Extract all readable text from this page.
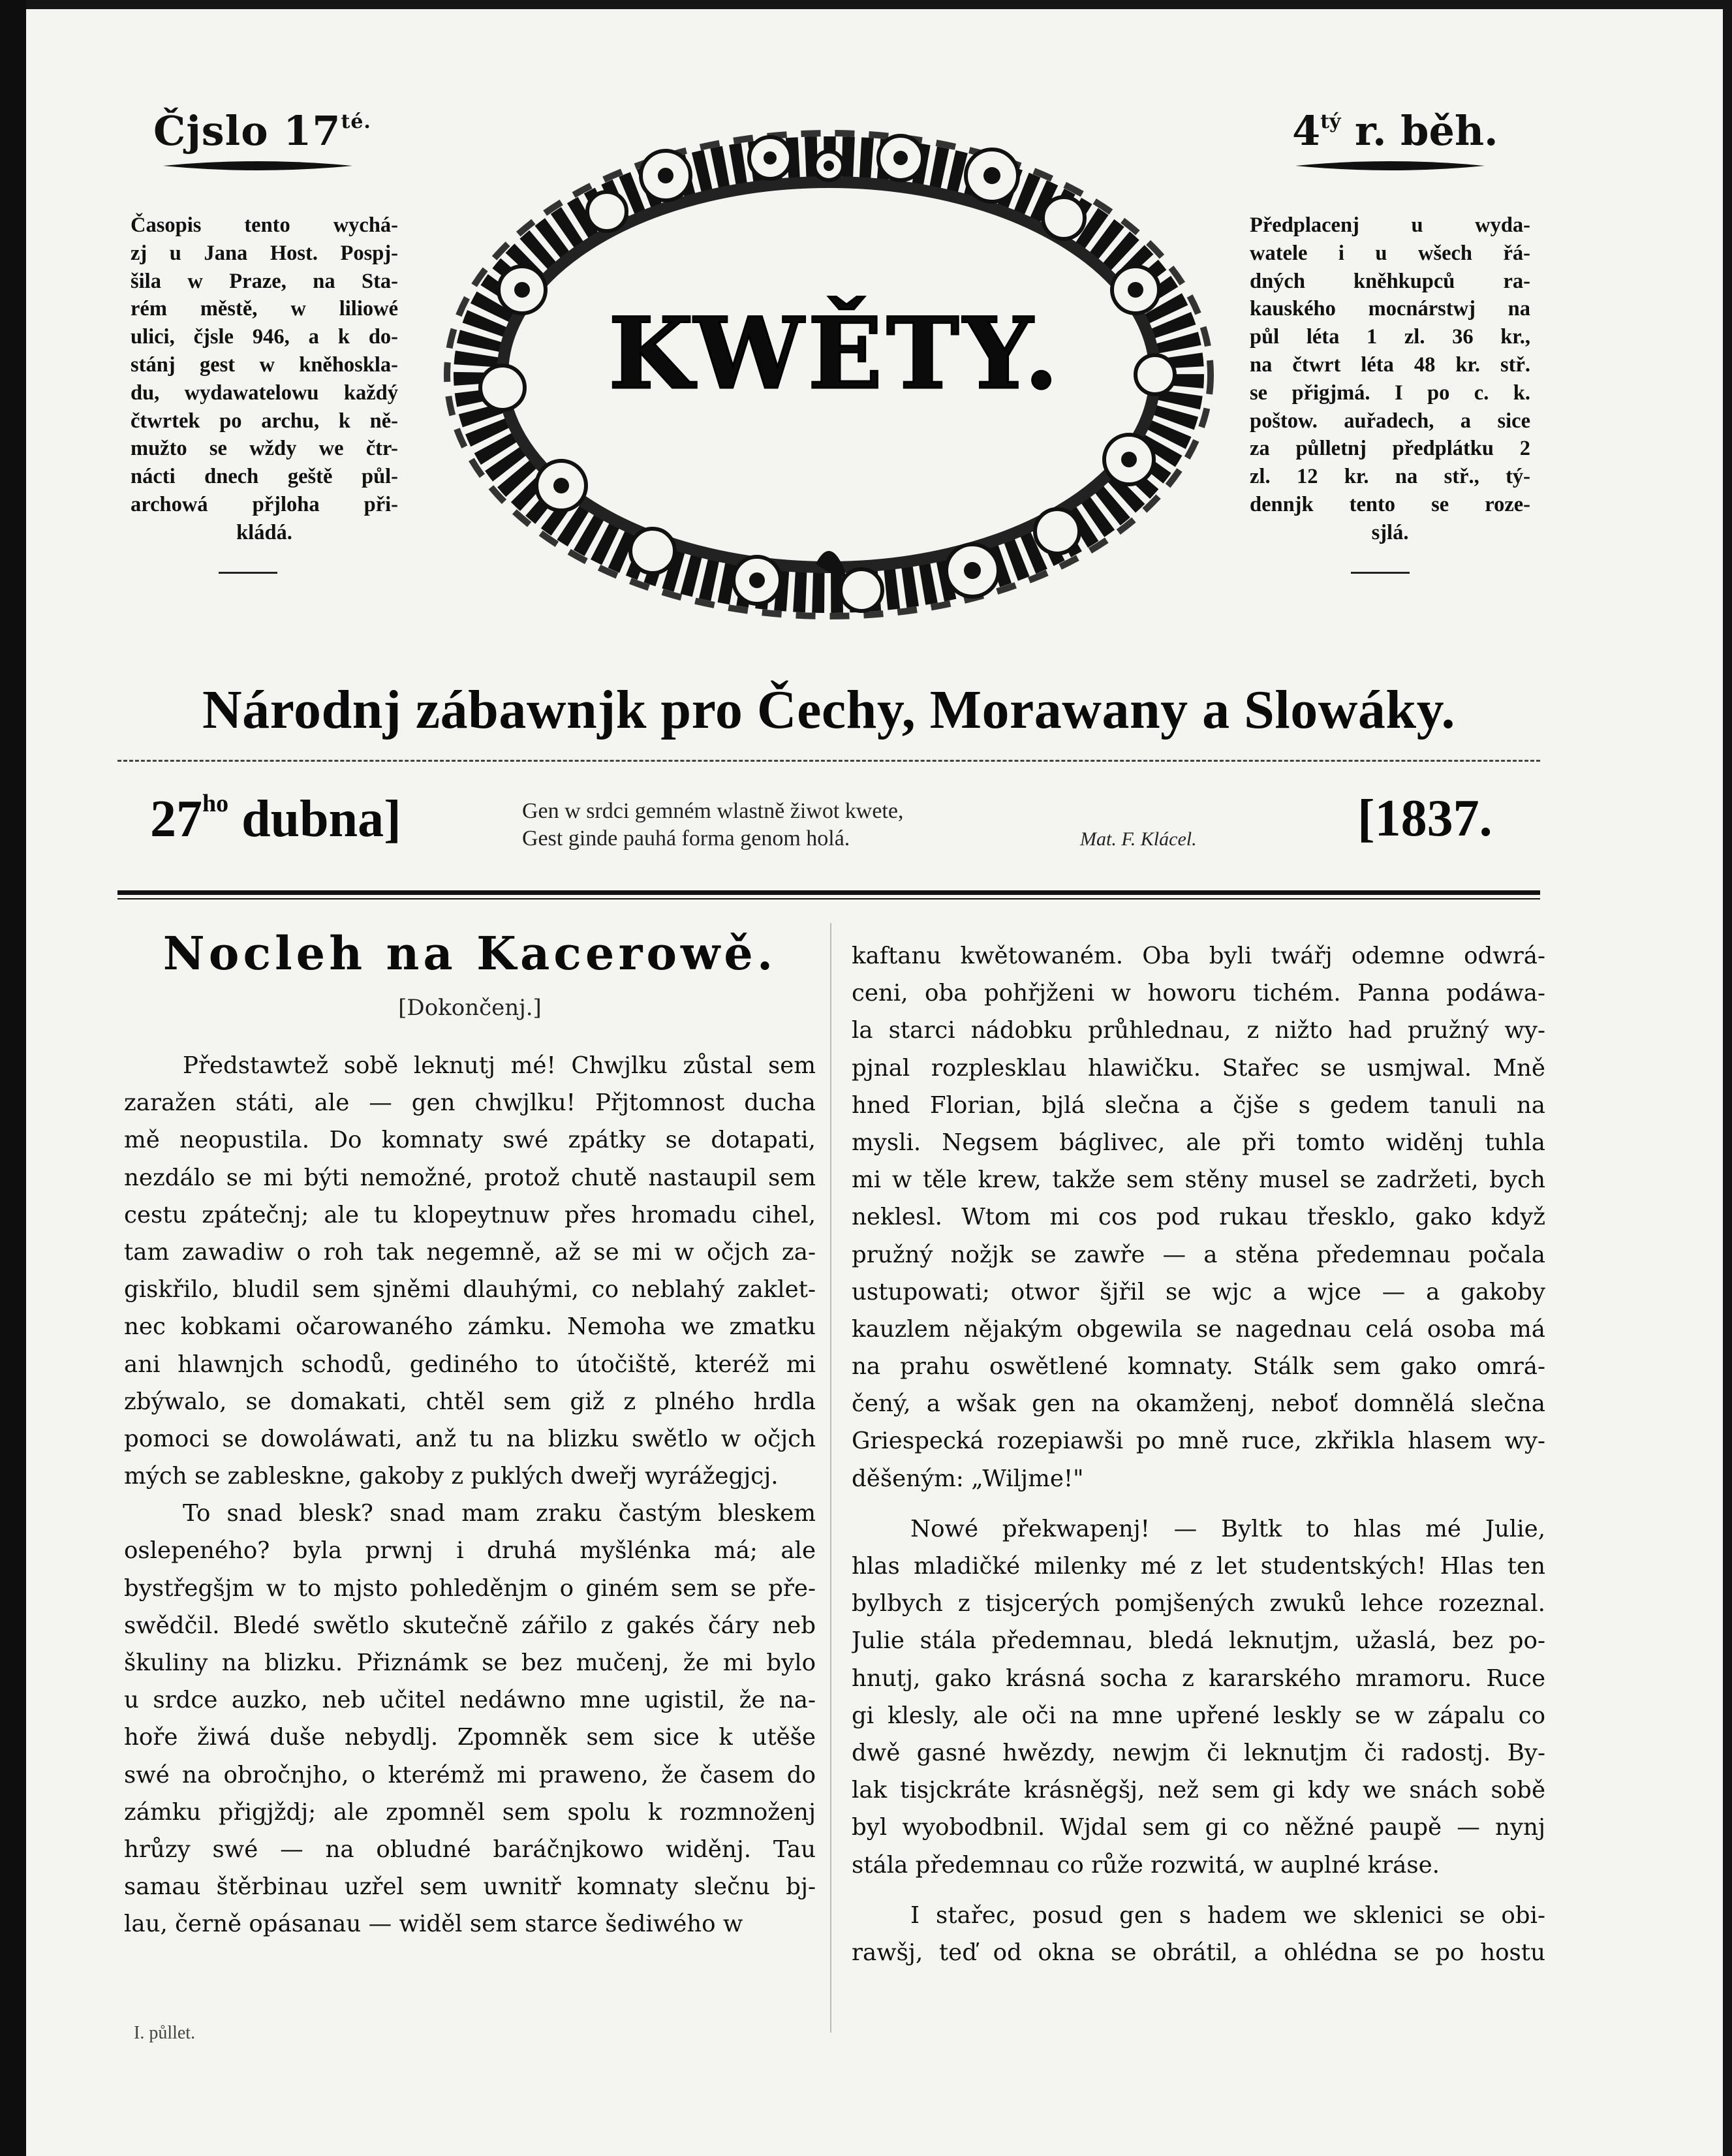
Čjslo $17^{té.}$	$4^{tý}$ r. běh.
Časopis tento wychá-
zj u Jana Host. Pospj-
šila w Praze, na Sta-
rém městě, w liliowé
ulici, čjsle 946, a k do-
stánj gest w kněhoskla-
du, wydawatelowu každý
čtwrtek po archu, k ně-
mužto se wždy we čtr-
nácti dnech geště půl-
archowá přjloha při-
kládá.
Předplacenj u wyda-
watele i u wšech řá-
dných kněhkupců ra-
kauského mocnárstwj na
půl léta 1 zl. 36 kr.,
na čtwrt léta 48 kr. stř.
se přigjmá. I po c. k.
poštow. auřadech, a sice
za půlletnj předplátku 2
zl. 12 kr. na stř., tý-
dennjk tento se roze-
sjlá.
KWĚTY.
Národnj zábawnjk pro Čechy, Morawany a Slowáky.
$27^{ho}$ dubna]	Gen w srdci gemném wlastně žiwot kwete,
Gest ginde pauhá forma genom holá.	Mat. F. Klácel.	[1837.
Nocleh na Kacerowě.
[Dokončenj.]
Předstawtež sobě leknutj mé! Chwjlku zůstal sem
zaražen státi, ale — gen chwjlku! Přjtomnost ducha
mě neopustila. Do komnaty swé zpátky se dotapati,
nezdálo se mi býti nemožné, protož chutě nastaupil sem
cestu zpátečnj; ale tu klopeytnuw přes hromadu cihel,
tam zawadiw o roh tak negemně, až se mi w očjch za-
giskřilo, bludil sem sjněmi dlauhými, co neblahý zaklet-
nec kobkami očarowaného zámku. Nemoha we zmatku
ani hlawnjch schodů, gediného to útočiště, kteréž mi
zbýwalo, se domakati, chtěl sem giž z plného hrdla
pomoci se dowoláwati, anž tu na blizku swětlo w očjch
mých se zablesknе, gakoby z puklých dweřj wyrážegjcj.
To snad blesk? snad mam zraku častým bleskem
oslepeného? byla prwnj i druhá myšlénka má; ale
bystřegšjm w to mjsto pohleděnjm o giném sem se pře-
swědčil. Bledé swětlo skutečně zářilo z gakés čáry neb
škuliny na blizku. Přiznámk se bez mučenj, že mi bylo
u srdce auzko, neb učitel nedáwno mne ugistil, že na-
hoře žiwá duše nebydlj. Zpomněk sem sice k utěše
swé na obročnjho, o kterémž mi praweno, že časem do
zámku přigjždj; ale zpomněl sem spolu k rozmnoženj
hrůzy swé — na obludné baráčnjkowo widěnj. Tau
samau štěrbinau uzřel sem uwnitř komnaty slečnu bj-
lau, černě opásanau — widěl sem starce šediwého w
kaftanu kwětowaném. Oba byli twářj odemne odwrá-
ceni, oba pohřjženi w howoru tichém. Panna podáwa-
la starci nádobku průhlednau, z nižto had pružný wy-
pjnal rozplesklau hlawičku. Stařec se usmjwal. Mně
hned Florian, bjlá slečna a čjše s gedem tanuli na
mysli. Negsem báglivec, ale při tomto widěnj tuhla
mi w těle krew, takže sem stěny musel se zadržeti, bych
neklesl. Wtom mi cos pod rukau třesklo, gako když
pružný nožjk se zawře — a stěna předemnau počala
ustupowati; otwor šjřil se wjc a wjce — a gakoby
kauzlem nějakým obgewila se nagednau celá osoba má
na prahu oswětlené komnaty. Stálk sem gako omrá-
čený, a wšak gen na okamženj, neboť domnělá slečna
Griespecká rozepiawši po mně ruce, zkřikla hlasem wy-
děšeným: „Wiljme!"
Nowé překwapenj! — Byltk to hlas mé Julie,
hlas mladičké milenky mé z let studentských! Hlas ten
bylbych z tisjcerých pomjšených zwuků lehce rozeznal.
Julie stála předemnau, bledá leknutjm, užaslá, bez po-
hnutj, gako krásná socha z kararského mramoru. Ruce
gi klesly, ale oči na mne upřené lesklу se w zápalu co
dwě gasné hwězdy, newjm či leknutjm či radostj. By-
lak tisjckráte krásněgšj, než sem gi kdy we snách sobě
byl wyobodbnil. Wjdal sem gi co něžné paupě — nynj
stála předemnau co růže rozwitá, w auplné kráse.
I stařec, posud gen s hadem we sklenici se obi-
rawšj, teď od okna se obrátil, a ohlédna se po hostu
I. půllet.
